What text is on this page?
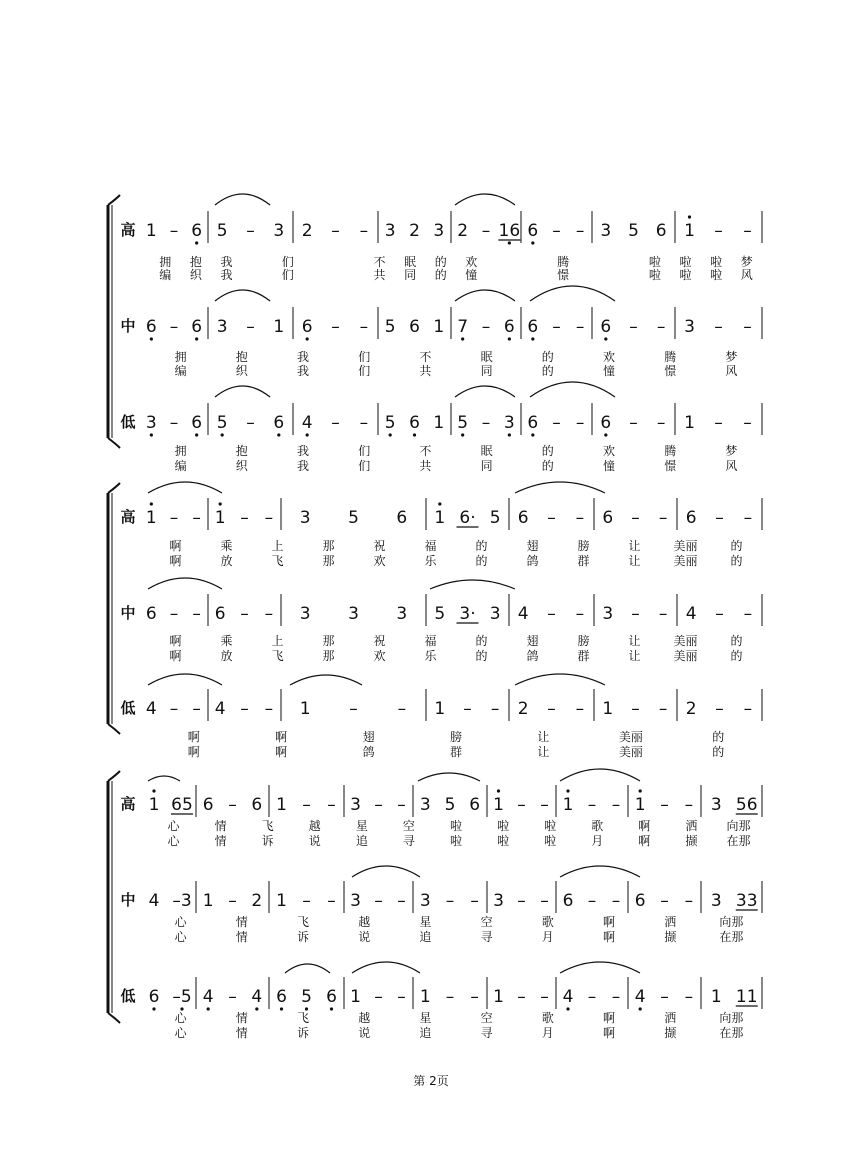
高 1 – 6 5 – 3 2 – – 3 2 3 2 – 16 6 – – 3 5 6 1 – –
拥 抱 我	们	不 眠 的 欢	腾	啦 啦 啦 梦
编 织 我	们	共 同 的 憧	憬	啦 啦 啦 风
中 6 – 6 3 – 1 6 – – 5 6 1 7 – 6 6 – – 6 – – 3 – –
拥	抱	我	们	不	眠	的	欢	腾	梦
编	织	我	们	共	同	的	憧	憬	风
低 3 – 6 5 – 6 4 – – 5 6 1 5 – 3 6 – – 6 – – 1 – –
拥	抱	我	们	不	眠	的	欢	腾	梦
编	织	我	们	共	同	的	憧	憬	风
高 1 – – 1 – – 3 5 6 1 6· 5 6 – – 6 – – 6 – –
啊	乘	上	那	祝	福	的	翅	膀	让	美丽	的
啊	放	飞	那	欢	乐	的	鸽	群	让	美丽	的
中 6 – – 6 – – 3 3 3 5 3· 3 4 – – 3 – – 4 – –
啊	乘	上	那	祝	福	的	翅	膀	让	美丽	的
啊	放	飞	那	欢	乐	的	鸽	群	让	美丽	的
低 4 – – 4 – – 1 – – 1 – – 2 – – 1 – – 2 – –
啊	啊	翅	膀	让	美丽	的
啊	啊	鸽	群	让	美丽	的
高 1 65 6 – 6 1 – – 3 – – 3 5 6 1 – – 1 – – 1 – – 3 56
心	情	飞	越	星	空	啦	啦	啦	歌	啊	洒 向那
心	情	诉	说	追	寻	啦	啦	啦	月	啊	撷 在那
中 4 –3 1 – 2 1 – – 3 – – 3 – – 3 – – 6 – – 6 – – 3 33
心	情	飞	越	星	空	歌	啊	洒	向那
心	情	诉	说	追	寻	月	啊	撷	在那
低 6 –5 4 – 4 6 5 6 1 – – 1 – – 1 – – 4 – – 4 – – 1 11
心	情	飞	越	星	空	歌	啊	洒	向那
心	情	诉	说	追	寻	月	啊	撷	在那
第 2页
